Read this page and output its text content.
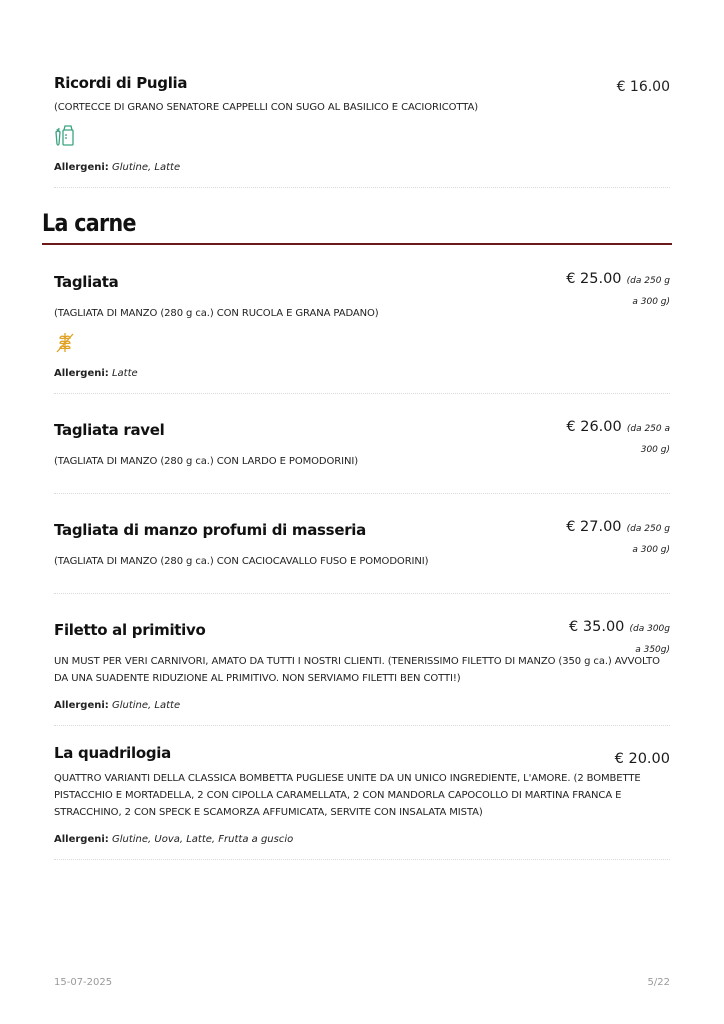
Ricordi di Puglia	€ 16.00
(CORTECCE DI GRANO SENATORE CAPPELLI CON SUGO AL BASILICO E CACIORICOTTA)
Allergeni: Glutine, Latte
La carne
Tagliata	€ 25.00 (da 250 g a 300 g)
(TAGLIATA DI MANZO (280 g ca.) CON RUCOLA E GRANA PADANO)
Allergeni: Latte
Tagliata ravel	€ 26.00 (da 250 a 300 g)
(TAGLIATA DI MANZO (280 g ca.) CON LARDO E POMODORINI)
Tagliata di manzo profumi di masseria	€ 27.00 (da 250 g a 300 g)
(TAGLIATA DI MANZO (280 g ca.) CON CACIOCAVALLO FUSO E POMODORINI)
Filetto al primitivo	€ 35.00 (da 300g a 350g)
UN MUST PER VERI CARNIVORI, AMATO DA TUTTI I NOSTRI CLIENTI. (TENERISSIMO FILETTO DI MANZO (350 g ca.) AVVOLTO DA UNA SUADENTE RIDUZIONE AL PRIMITIVO. NON SERVIAMO FILETTI BEN COTTI!)
Allergeni: Glutine, Latte
La quadrilogia	€ 20.00
QUATTRO VARIANTI DELLA CLASSICA BOMBETTA PUGLIESE UNITE DA UN UNICO INGREDIENTE, L'AMORE. (2 BOMBETTE PISTACCHIO E MORTADELLA, 2 CON CIPOLLA CARAMELLATA, 2 CON MANDORLA CAPOCOLLO DI MARTINA FRANCA E STRACCHINO, 2 CON SPECK E SCAMORZA AFFUMICATA, SERVITE CON INSALATA MISTA)
Allergeni: Glutine, Uova, Latte, Frutta a guscio
15-07-2025	5/22
